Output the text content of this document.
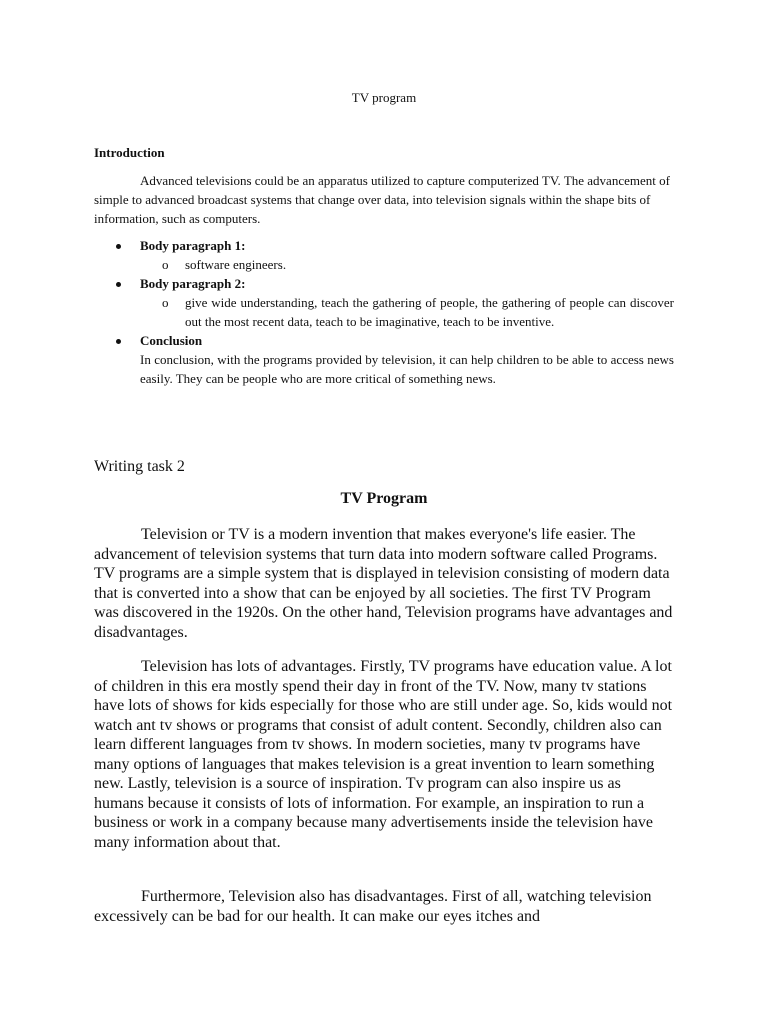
TV program
Introduction

Advanced televisions could be an apparatus utilized to capture computerized TV. The advancement of simple to advanced broadcast systems that change over data, into television signals within the shape bits of information, such as computers.

Body paragraph 1:
o software engineers.
Body paragraph 2:
o give wide understanding, teach the gathering of people, the gathering of people can discover out the most recent data, teach to be imaginative, teach to be inventive.
Conclusion
In conclusion, with the programs provided by television, it can help children to be able to access news easily. They can be people who are more critical of something news.
Writing task 2
TV Program

Television or TV is a modern invention that makes everyone's life easier. The advancement of television systems that turn data into modern software called Programs. TV programs are a simple system that is displayed in television consisting of modern data that is converted into a show that can be enjoyed by all societies. The first TV Program was discovered in the 1920s. On the other hand, Television programs have advantages and disadvantages.

Television has lots of advantages. Firstly, TV programs have education value. A lot of children in this era mostly spend their day in front of the TV. Now, many tv stations have lots of shows for kids especially for those who are still under age. So, kids would not watch ant tv shows or programs that consist of adult content. Secondly, children also can learn different languages from tv shows. In modern societies, many tv programs have many options of languages that makes television is a great invention to learn something new. Lastly, television is a source of inspiration. Tv program can also inspire us as humans because it consists of lots of information. For example, an inspiration to run a business or work in a company because many advertisements inside the television have many information about that.

Furthermore, Television also has disadvantages. First of all, watching television excessively can be bad for our health. It can make our eyes itches and
